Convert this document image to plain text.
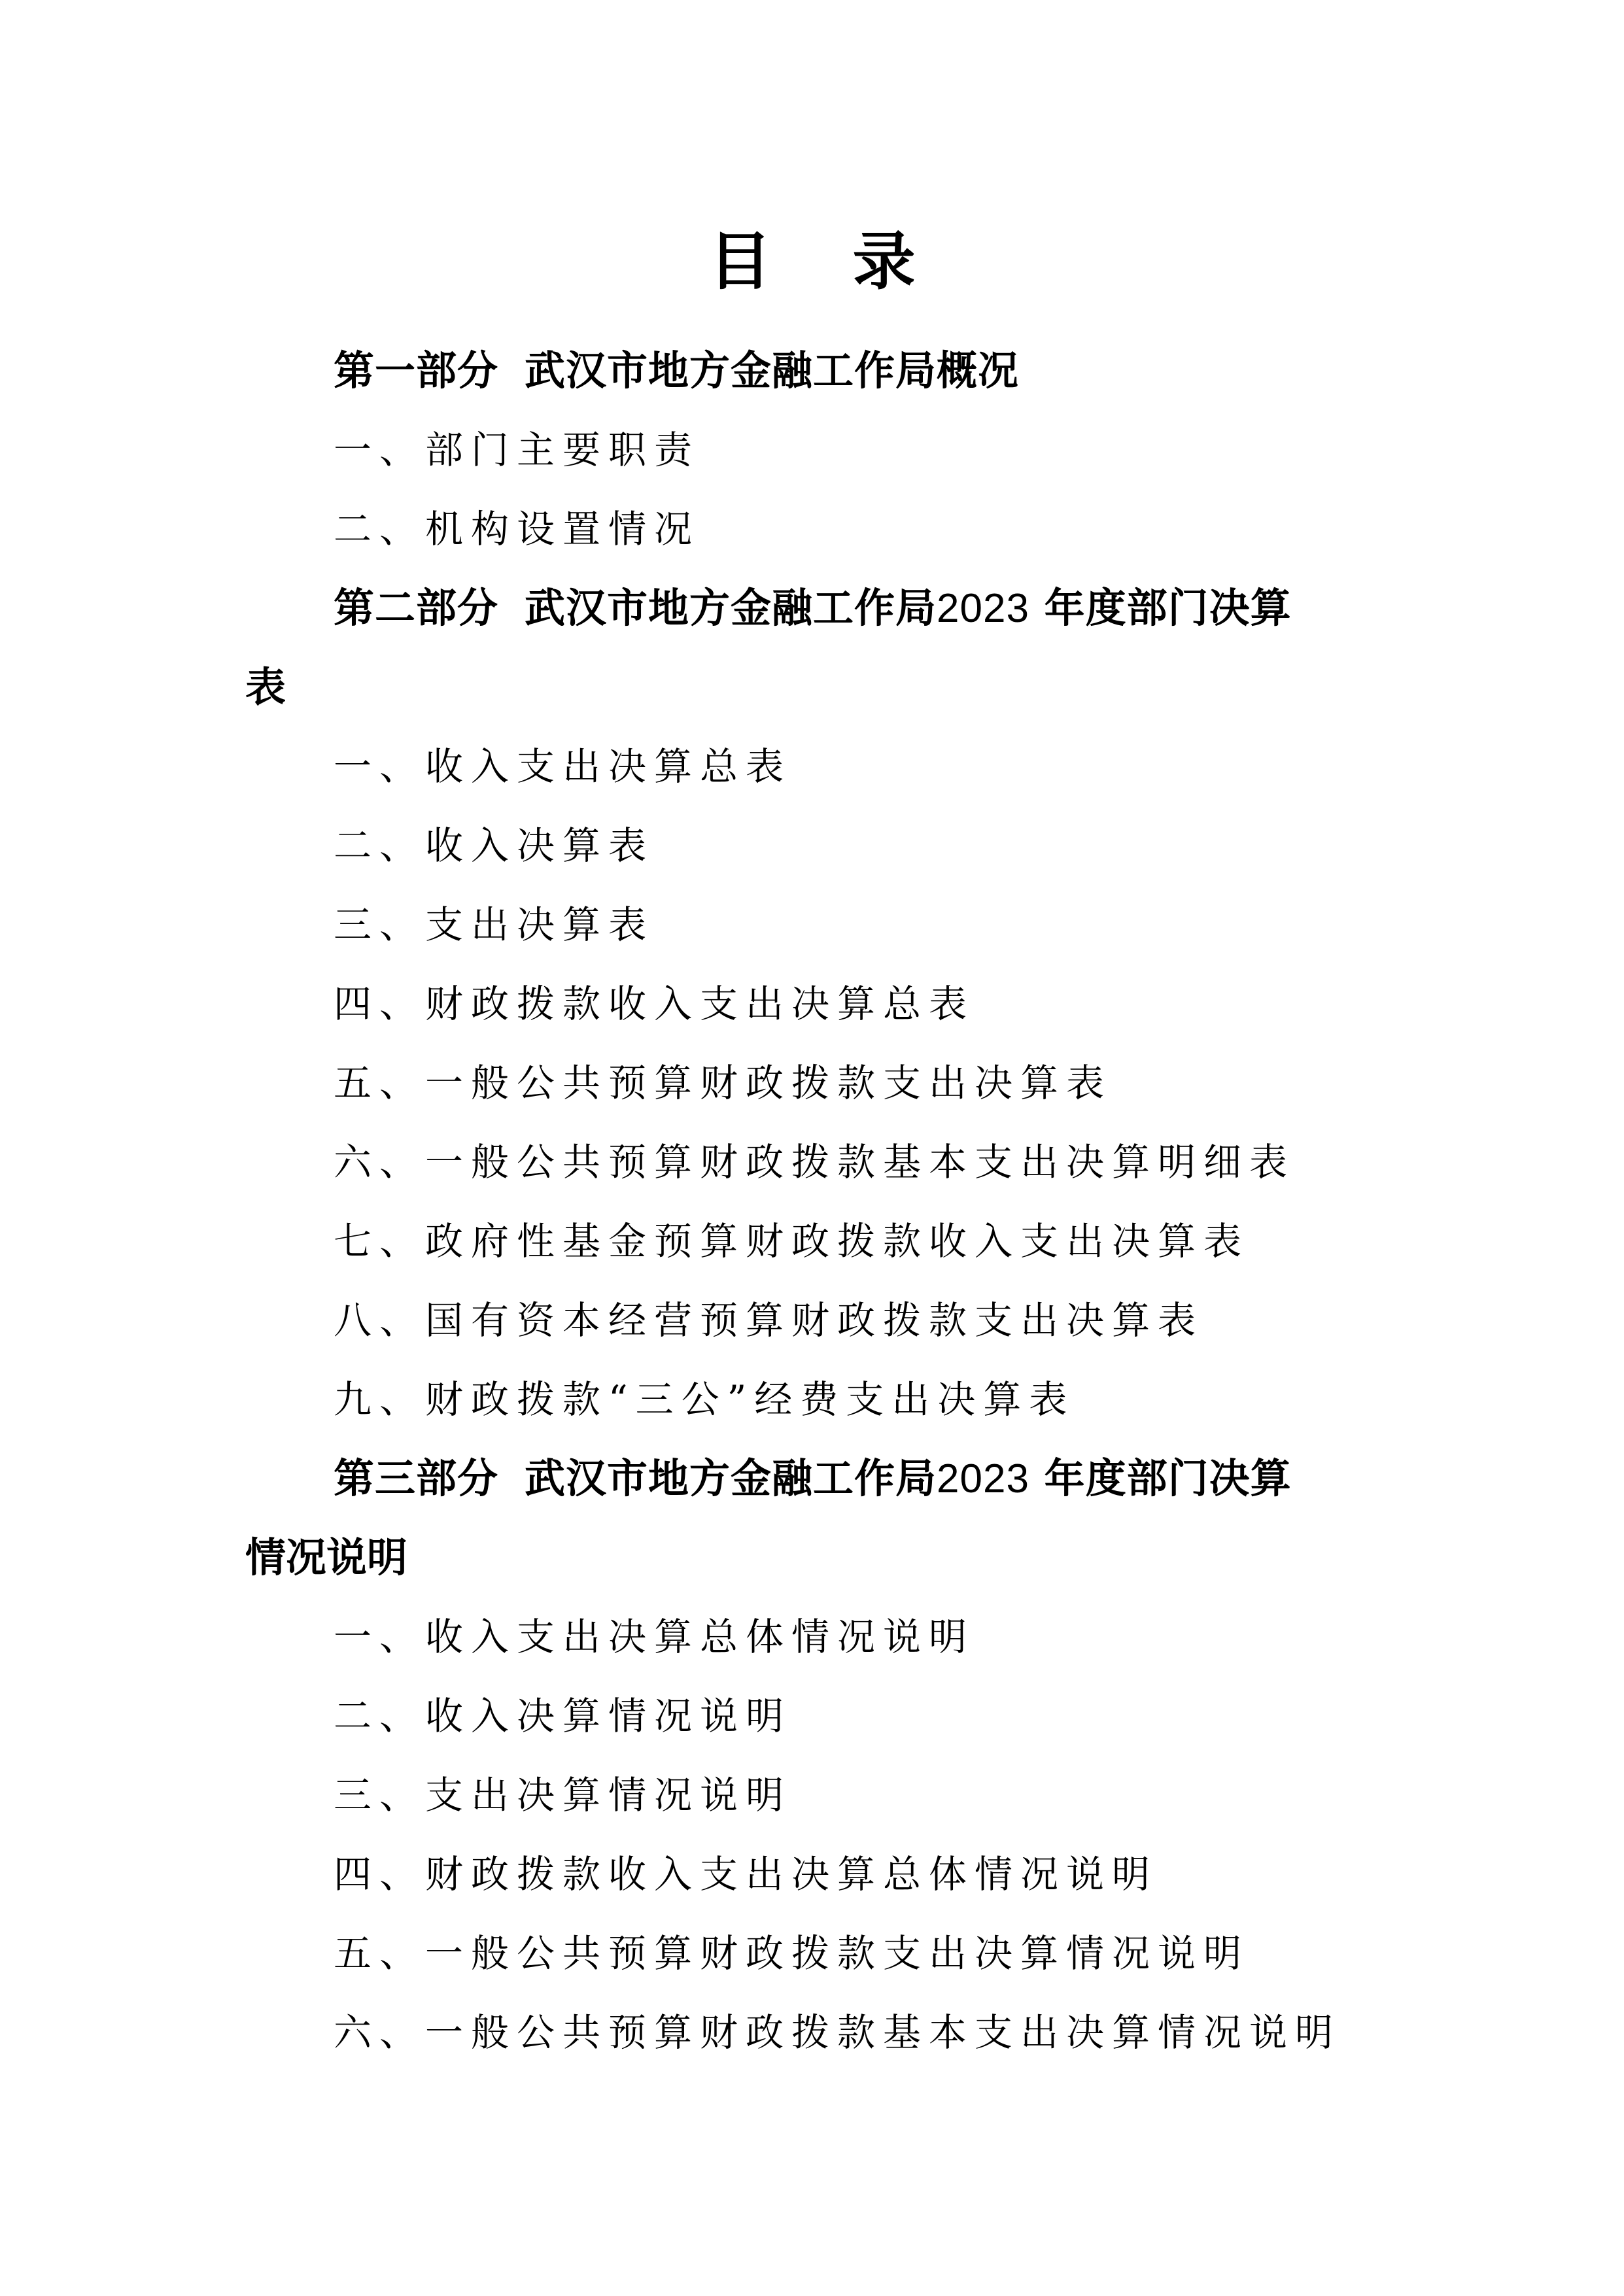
目 录
第一部分 武汉市地方金融工作局概况
一、部门主要职责
二、机构设置情况
第二部分 武汉市地方金融工作局2023 年度部门决算
表
一、收入支出决算总表
二、收入决算表
三、支出决算表
四、财政拨款收入支出决算总表
五、一般公共预算财政拨款支出决算表
六、一般公共预算财政拨款基本支出决算明细表
七、政府性基金预算财政拨款收入支出决算表
八、国有资本经营预算财政拨款支出决算表
九、财政拨款“三公”经费支出决算表
第三部分 武汉市地方金融工作局2023 年度部门决算
情况说明
一、收入支出决算总体情况说明
二、收入决算情况说明
三、支出决算情况说明
四、财政拨款收入支出决算总体情况说明
五、一般公共预算财政拨款支出决算情况说明
六、一般公共预算财政拨款基本支出决算情况说明
